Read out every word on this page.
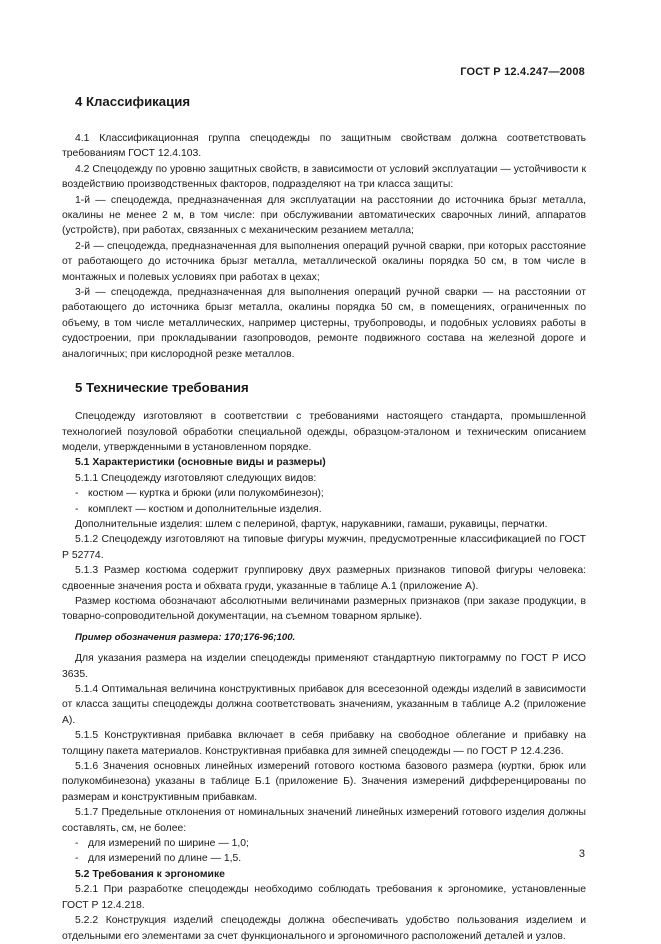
ГОСТ Р 12.4.247—2008
4 Классификация

4.1 Классификационная группа спецодежды по защитным свойствам должна соответствовать требованиям ГОСТ 12.4.103.

4.2 Спецодежду по уровню защитных свойств, в зависимости от условий эксплуатации — устойчивости к воздействию производственных факторов, подразделяют на три класса защиты:

1-й — спецодежда, предназначенная для эксплуатации на расстоянии до источника брызг металла, окалины не менее 2 м, в том числе: при обслуживании автоматических сварочных линий, аппаратов (устройств), при работах, связанных с механическим резанием металла;

2-й — спецодежда, предназначенная для выполнения операций ручной сварки, при которых расстояние от работающего до источника брызг металла, металлической окалины порядка 50 см, в том числе в монтажных и полевых условиях при работах в цехах;

3-й — спецодежда, предназначенная для выполнения операций ручной сварки — на расстоянии от работающего до источника брызг металла, окалины порядка 50 см, в помещениях, ограниченных по объему, в том числе металлических, например цистерны, трубопроводы, и подобных условиях работы в судостроении, при прокладывании газопроводов, ремонте подвижного состава на железной дороге и аналогичных; при кислородной резке металлов.

5 Технические требования

Спецодежду изготовляют в соответствии с требованиями настоящего стандарта, промышленной технологией позуловой обработки специальной одежды, образцом-эталоном и техническим описанием модели, утвержденными в установленном порядке.

5.1 Характеристики (основные виды и размеры)

5.1.1 Спецодежду изготовляют следующих видов:

- костюм — куртка и брюки (или полукомбинезон);
- комплект — костюм и дополнительные изделия.

Дополнительные изделия: шлем с пелериной, фартук, нарукавники, гамаши, рукавицы, перчатки.

5.1.2 Спецодежду изготовляют на типовые фигуры мужчин, предусмотренные классификацией по ГОСТ Р 52774.

5.1.3 Размер костюма содержит группировку двух размерных признаков типовой фигуры человека: сдвоенные значения роста и обхвата груди, указанные в таблице А.1 (приложение А).

Размер костюма обозначают абсолютными величинами размерных признаков (при заказе продукции, в товарно-сопроводительной документации, на съемном товарном ярлыке).

Пример обозначения размера: 170;176-96;100.

Для указания размера на изделии спецодежды применяют стандартную пиктограмму по ГОСТ Р ИСО 3635.

5.1.4 Оптимальная величина конструктивных прибавок для всесезонной одежды изделий в зависимости от класса защиты спецодежды должна соответствовать значениям, указанным в таблице А.2 (приложение А).

5.1.5 Конструктивная прибавка включает в себя прибавку на свободное облегание и прибавку на толщину пакета материалов. Конструктивная прибавка для зимней спецодежды — по ГОСТ Р 12.4.236.

5.1.6 Значения основных линейных измерений готового костюма базового размера (куртки, брюк или полукомбинезона) указаны в таблице Б.1 (приложение Б). Значения измерений дифференцированы по размерам и конструктивным прибавкам.

5.1.7 Предельные отклонения от номинальных значений линейных измерений готового изделия должны составлять, см, не более:

- для измерений по ширине — 1,0;
- для измерений по длине — 1,5.

5.2 Требования к эргономике

5.2.1 При разработке спецодежды необходимо соблюдать требования к эргономике, установленные ГОСТ Р 12.4.218.

5.2.2 Конструкция изделий спецодежды должна обеспечивать удобство пользования изделием и отдельными его элементами за счет функционального и эргономичного расположений деталей и узлов.

3
